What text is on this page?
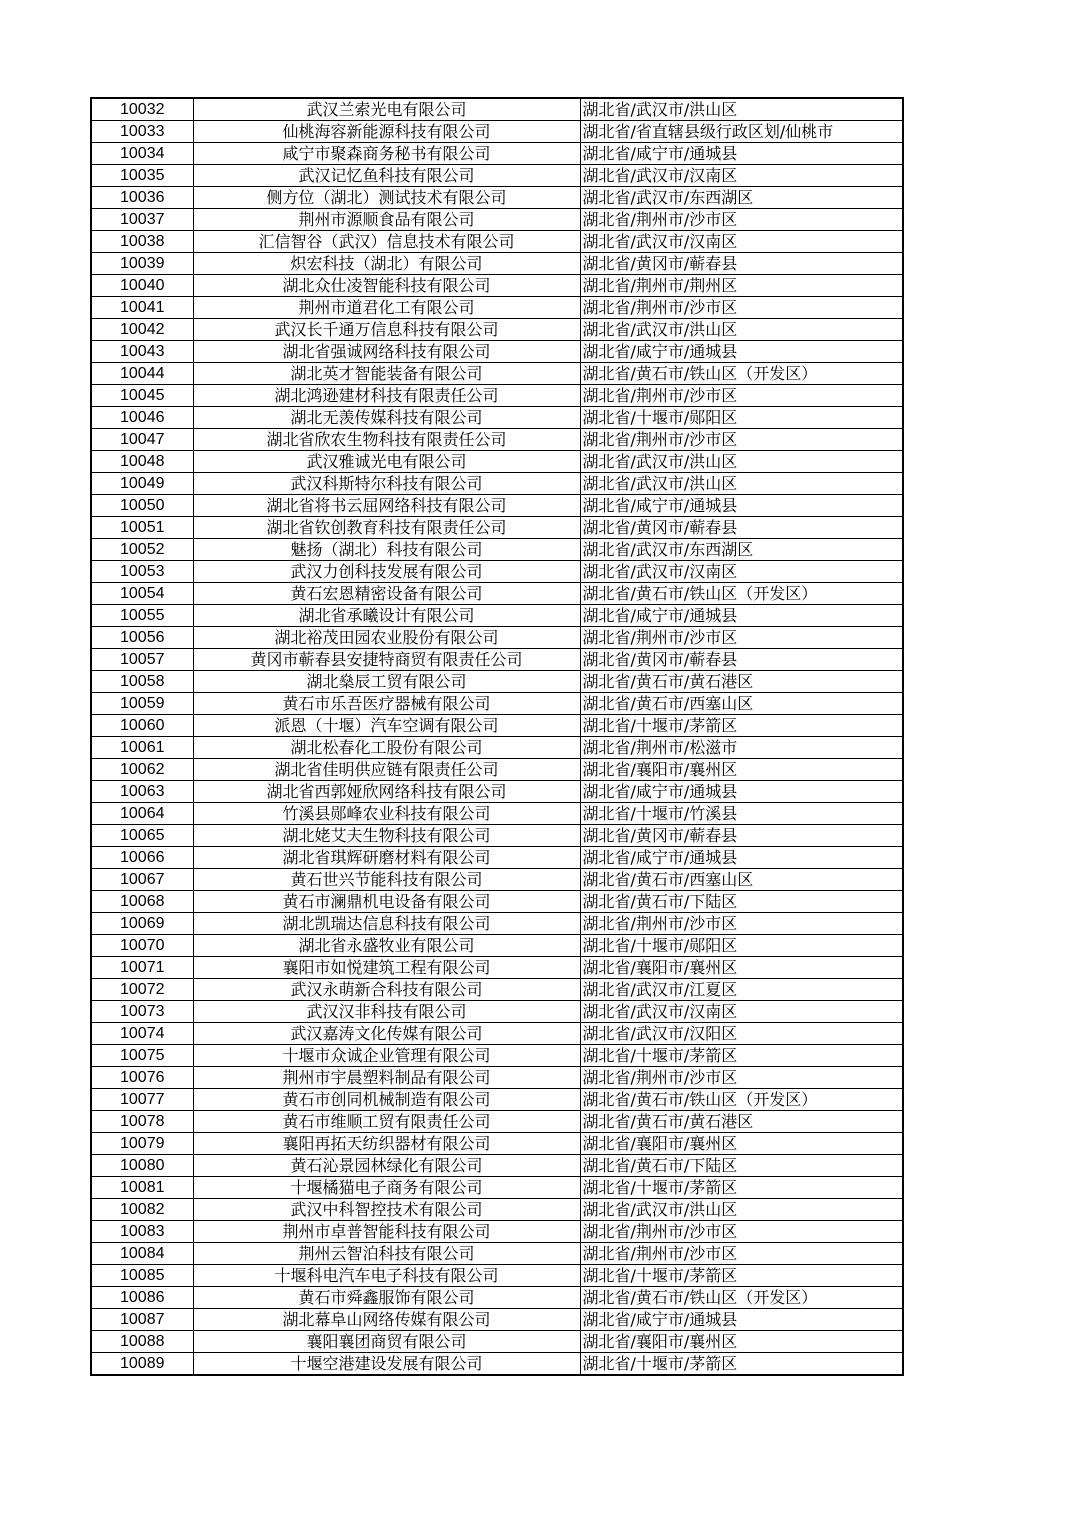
10032	武汉兰索光电有限公司	湖北省/武汉市/洪山区
10033	仙桃海容新能源科技有限公司	湖北省/省直辖县级行政区划/仙桃市
10034	咸宁市聚森商务秘书有限公司	湖北省/咸宁市/通城县
10035	武汉记忆鱼科技有限公司	湖北省/武汉市/汉南区
10036	侧方位（湖北）测试技术有限公司	湖北省/武汉市/东西湖区
10037	荆州市源顺食品有限公司	湖北省/荆州市/沙市区
10038	汇信智谷（武汉）信息技术有限公司	湖北省/武汉市/汉南区
10039	炽宏科技（湖北）有限公司	湖北省/黄冈市/蕲春县
10040	湖北众仕凌智能科技有限公司	湖北省/荆州市/荆州区
10041	荆州市道君化工有限公司	湖北省/荆州市/沙市区
10042	武汉长千通万信息科技有限公司	湖北省/武汉市/洪山区
10043	湖北省强诚网络科技有限公司	湖北省/咸宁市/通城县
10044	湖北英才智能装备有限公司	湖北省/黄石市/铁山区（开发区）
10045	湖北鸿逊建材科技有限责任公司	湖北省/荆州市/沙市区
10046	湖北无羡传媒科技有限公司	湖北省/十堰市/郧阳区
10047	湖北省欣农生物科技有限责任公司	湖北省/荆州市/沙市区
10048	武汉雅诚光电有限公司	湖北省/武汉市/洪山区
10049	武汉科斯特尔科技有限公司	湖北省/武汉市/洪山区
10050	湖北省将书云屈网络科技有限公司	湖北省/咸宁市/通城县
10051	湖北省钦创教育科技有限责任公司	湖北省/黄冈市/蕲春县
10052	魅扬（湖北）科技有限公司	湖北省/武汉市/东西湖区
10053	武汉力创科技发展有限公司	湖北省/武汉市/汉南区
10054	黄石宏恩精密设备有限公司	湖北省/黄石市/铁山区（开发区）
10055	湖北省承曦设计有限公司	湖北省/咸宁市/通城县
10056	湖北裕茂田园农业股份有限公司	湖北省/荆州市/沙市区
10057	黄冈市蕲春县安捷特商贸有限责任公司	湖北省/黄冈市/蕲春县
10058	湖北燊辰工贸有限公司	湖北省/黄石市/黄石港区
10059	黄石市乐吾医疗器械有限公司	湖北省/黄石市/西塞山区
10060	派恩（十堰）汽车空调有限公司	湖北省/十堰市/茅箭区
10061	湖北松春化工股份有限公司	湖北省/荆州市/松滋市
10062	湖北省佳明供应链有限责任公司	湖北省/襄阳市/襄州区
10063	湖北省西郭娅欣网络科技有限公司	湖北省/咸宁市/通城县
10064	竹溪县郧峰农业科技有限公司	湖北省/十堰市/竹溪县
10065	湖北姥艾夫生物科技有限公司	湖北省/黄冈市/蕲春县
10066	湖北省琪辉研磨材料有限公司	湖北省/咸宁市/通城县
10067	黄石世兴节能科技有限公司	湖北省/黄石市/西塞山区
10068	黄石市澜鼎机电设备有限公司	湖北省/黄石市/下陆区
10069	湖北凯瑞达信息科技有限公司	湖北省/荆州市/沙市区
10070	湖北省永盛牧业有限公司	湖北省/十堰市/郧阳区
10071	襄阳市如悦建筑工程有限公司	湖北省/襄阳市/襄州区
10072	武汉永萌新合科技有限公司	湖北省/武汉市/江夏区
10073	武汉汉非科技有限公司	湖北省/武汉市/汉南区
10074	武汉嘉涛文化传媒有限公司	湖北省/武汉市/汉阳区
10075	十堰市众诚企业管理有限公司	湖北省/十堰市/茅箭区
10076	荆州市宇晨塑料制品有限公司	湖北省/荆州市/沙市区
10077	黄石市创同机械制造有限公司	湖北省/黄石市/铁山区（开发区）
10078	黄石市维顺工贸有限责任公司	湖北省/黄石市/黄石港区
10079	襄阳再拓天纺织器材有限公司	湖北省/襄阳市/襄州区
10080	黄石沁景园林绿化有限公司	湖北省/黄石市/下陆区
10081	十堰橘猫电子商务有限公司	湖北省/十堰市/茅箭区
10082	武汉中科智控技术有限公司	湖北省/武汉市/洪山区
10083	荆州市卓普智能科技有限公司	湖北省/荆州市/沙市区
10084	荆州云智泊科技有限公司	湖北省/荆州市/沙市区
10085	十堰科电汽车电子科技有限公司	湖北省/十堰市/茅箭区
10086	黄石市舜鑫服饰有限公司	湖北省/黄石市/铁山区（开发区）
10087	湖北幕阜山网络传媒有限公司	湖北省/咸宁市/通城县
10088	襄阳襄团商贸有限公司	湖北省/襄阳市/襄州区
10089	十堰空港建设发展有限公司	湖北省/十堰市/茅箭区
